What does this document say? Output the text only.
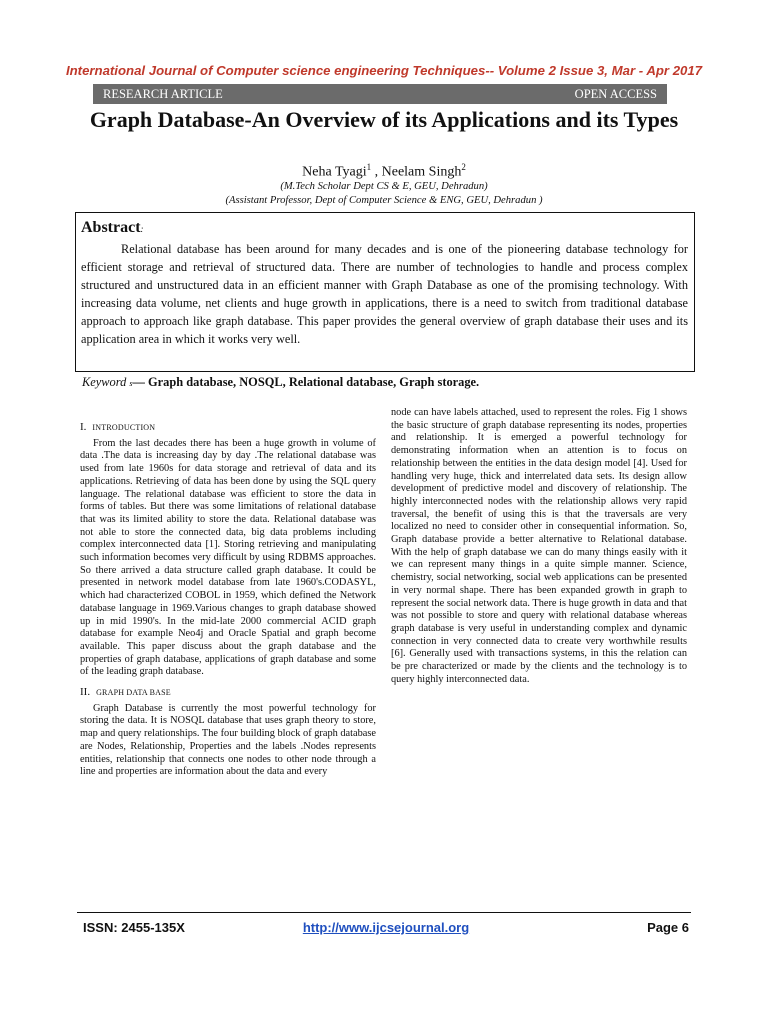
International Journal of Computer science engineering Techniques-- Volume 2 Issue 3, Mar - Apr 2017
RESEARCH ARTICLE	OPEN ACCESS
Graph Database-An Overview of its Applications and its Types
Neha Tyagi$^1$ , Neelam Singh$^2$
(M.Tech Scholar Dept CS & E, GEU, Dehradun)
(Assistant Professor, Dept of Computer Science & ENG, GEU, Dehradun )
Abstract:
Relational database has been around for many decades and is one of the pioneering database technology for efficient storage and retrieval of structured data. There are number of technologies to handle and process complex structured and unstructured data in an efficient manner with Graph Database as one of the promising technology. With increasing data volume, net clients and huge growth in applications, there is a need to switch from traditional database approach to approach like graph database. This paper provides the general overview of graph database their uses and its application area in which it works very well.
Keyword s— Graph database, NOSQL, Relational database, Graph storage.
I. INTRODUCTION

From the last decades there has been a huge growth in volume of data .The data is increasing day by day .The relational database was used from late 1960s for data storage and retrieval of data and its applications. Retrieving of data has been done by using the SQL query language. The relational database was efficient to store the data in forms of tables. But there was some limitations of relational database that was its limited ability to store the data. Relational database was not able to store the connected data, big data problems including complex interconnected data [1]. Storing retrieving and manipulating such information becomes very difficult by using RDBMS approaches. So there arrived a data structure called graph database. It could be presented in network model database from late 1960's.CODASYL, which had characterized COBOL in 1959, which defined the Network database language in 1969.Various changes to graph database showed up in mid 1990's. In the mid-late 2000 commercial ACID graph database for example Neo4j and Oracle Spatial and graph become available. This paper discuss about the graph database and the properties of graph database, applications of graph database and some of the leading graph database.

II. GRAPH DATA BASE

Graph Database is currently the most powerful technology for storing the data. It is NOSQL database that uses graph theory to store, map and query relationships. The four building block of graph database are Nodes, Relationship, Properties and the labels .Nodes represents entities, relationship that connects one nodes to other node through a line and properties are information about the data and every

node can have labels attached, used to represent the roles. Fig 1 shows the basic structure of graph database representing its nodes, properties and relationship. It is emerged a powerful technology for demonstrating information when an attention is to focus on relationship between the entities in the data design model [4]. Used for handling very huge, thick and interrelated data sets. Its design allow development of predictive model and discovery of relationship. The highly interconnected nodes with the relationship allows very rapid traversal, the benefit of using this is that the traversals are very localized no need to consider other in consequential information. So, Graph database provide a better alternative to Relational database. With the help of graph database we can do many things easily with it we can represent many things in a quite simple manner. Science, chemistry, social networking, social web applications can be presented in very normal shape. There has been expanded growth in graph to represent the social network data. There is huge growth in data and that was not possible to store and query with relational database whereas graph database is very useful in understanding complex and dynamic connection in very connected data to create very worthwhile results [6]. Generally used with transactions systems, in this the relation can be pre characterized or made by the clients and the technology is to query highly interconnected data.

ISSN: 2455-135X	http://www.ijcsejournal.org	Page 6
